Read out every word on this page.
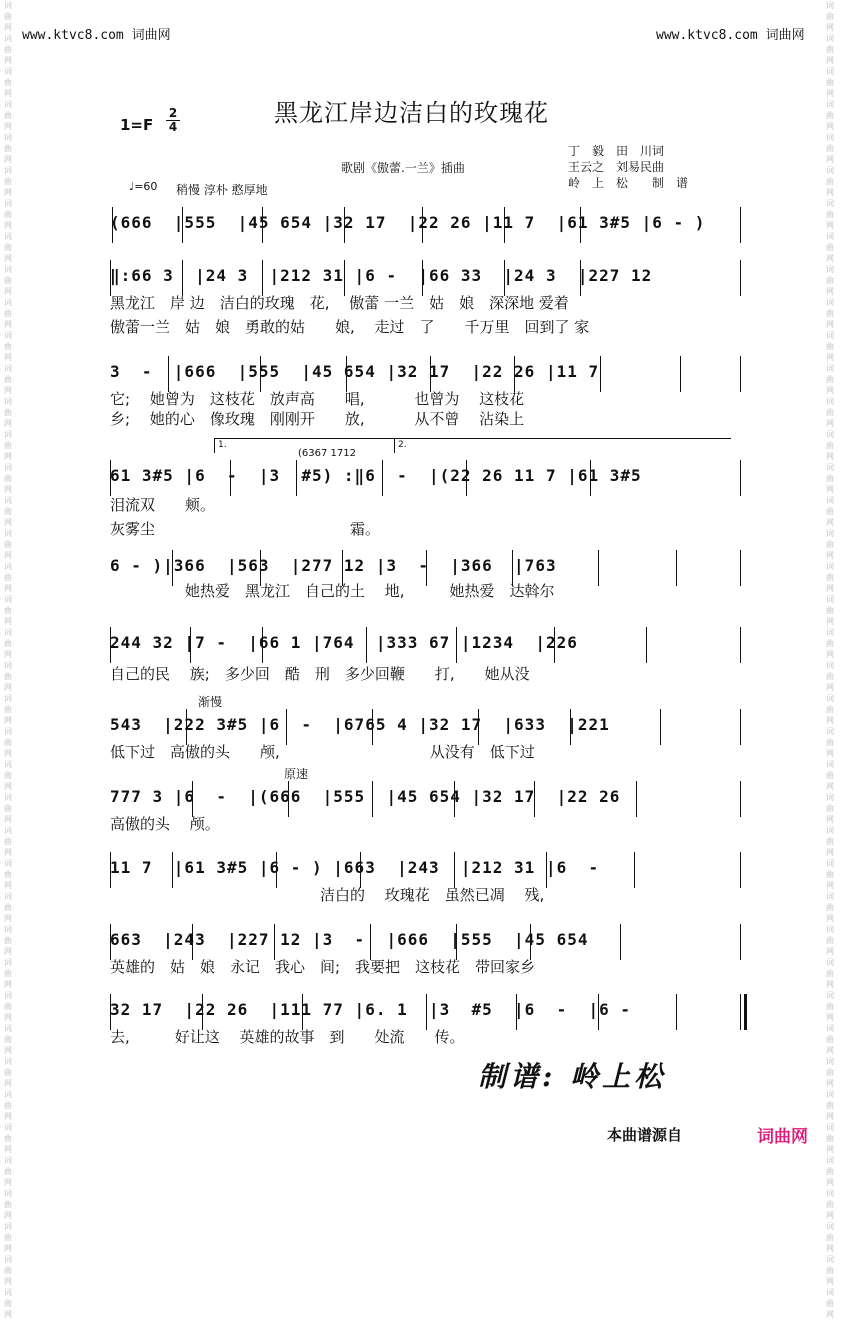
www.ktvc8.com 词曲网	www.ktvc8.com 词曲网
词曲网词曲网词曲网词曲网词曲网词曲网词曲网词曲网词曲网词曲网词曲网词曲网词曲网词曲网词曲网词曲网词曲网词曲网词曲网词曲网词曲网词曲网词曲网词曲网词曲网词曲网词曲网词曲网词曲网词曲网词曲网词曲网词曲网词曲网词曲网词曲网词曲网词曲网词曲网词曲网
词曲网词曲网词曲网词曲网词曲网词曲网词曲网词曲网词曲网词曲网词曲网词曲网词曲网词曲网词曲网词曲网词曲网词曲网词曲网词曲网词曲网词曲网词曲网词曲网词曲网词曲网词曲网词曲网词曲网词曲网词曲网词曲网词曲网词曲网词曲网词曲网词曲网词曲网词曲网词曲网
1=F
2
4	黑龙江岸边洁白的玫瑰花
歌剧《傲蕾.一兰》插曲
丁　毅　田　川词
王云之　刘易民曲
岭　上　松　　制　谱
♩=60 稍慢 淳朴 憨厚地
(666  |555  |45 654 |32 17  |22 26 |11 7  |61 3#5 |6 - )
‖:66 3  |24 3  |212 31 |6 -  |66 33  |24 3  |227 12
黑龙江　岸 边　洁白的玫瑰　花,　 傲蕾 一兰　姑　娘　深深地 爱着
傲蕾一兰　姑　娘　勇敢的姑　　娘,　 走过　了　　千万里　回到了 家
3  -  |666  |555  |45 654 |32 17  |22 26 |11 7
它;　 她曾为　这枝花　放声高　　唱,　　　 也曾为　 这枝花
乡;　 她的心　像玫瑰　刚刚开　　放,　　　 从不曾　 沾染上
61 3#5 |6  -  |3  #5) :‖6  -  |(22 26 11 7 |61 3#5
泪流双　　颊。
灰雾尘　　　　　　　　　　　　　霜。
1.	2.
(6367 1712
6 - )|366  |563  |277 12 |3  -  |366  |763
　　　　　她热爱　黑龙江　自己的土　 地,　　　她热爱　达斡尔
244 32 |7 -  |66 1 |764  |333 67 |1234  |226
自己的民　 族;　多少回　酷　刑　多少回鞭　　打,　　她从没
543  |222 3#5 |6  -  |6765 4 |32 17  |633  |221
低下过　高傲的头　　颅,　　　　　　　　　　从没有　低下过
渐慢
777 3 |6  -  |(666  |555  |45 654 |32 17  |22 26
高傲的头　 颅。
原速
11 7  |61 3#5 |6 - ) |663  |243  |212 31 |6  -
　　　　　　　　　　　　　　洁白的　 玫瑰花　虽然已凋　 残,
663  |243  |227 12 |3  -  |666  |555  |45 654
英雄的　姑　娘　永记　我心　间;　我要把　这枝花　带回家乡
32 17  |22 26  |111 77 |6. 1  |3  #5  |6  -  |6 -
去,　　　好让这　 英雄的故事　到　　处流　　传。
制谱: 岭上松
本曲谱源自	词曲网
